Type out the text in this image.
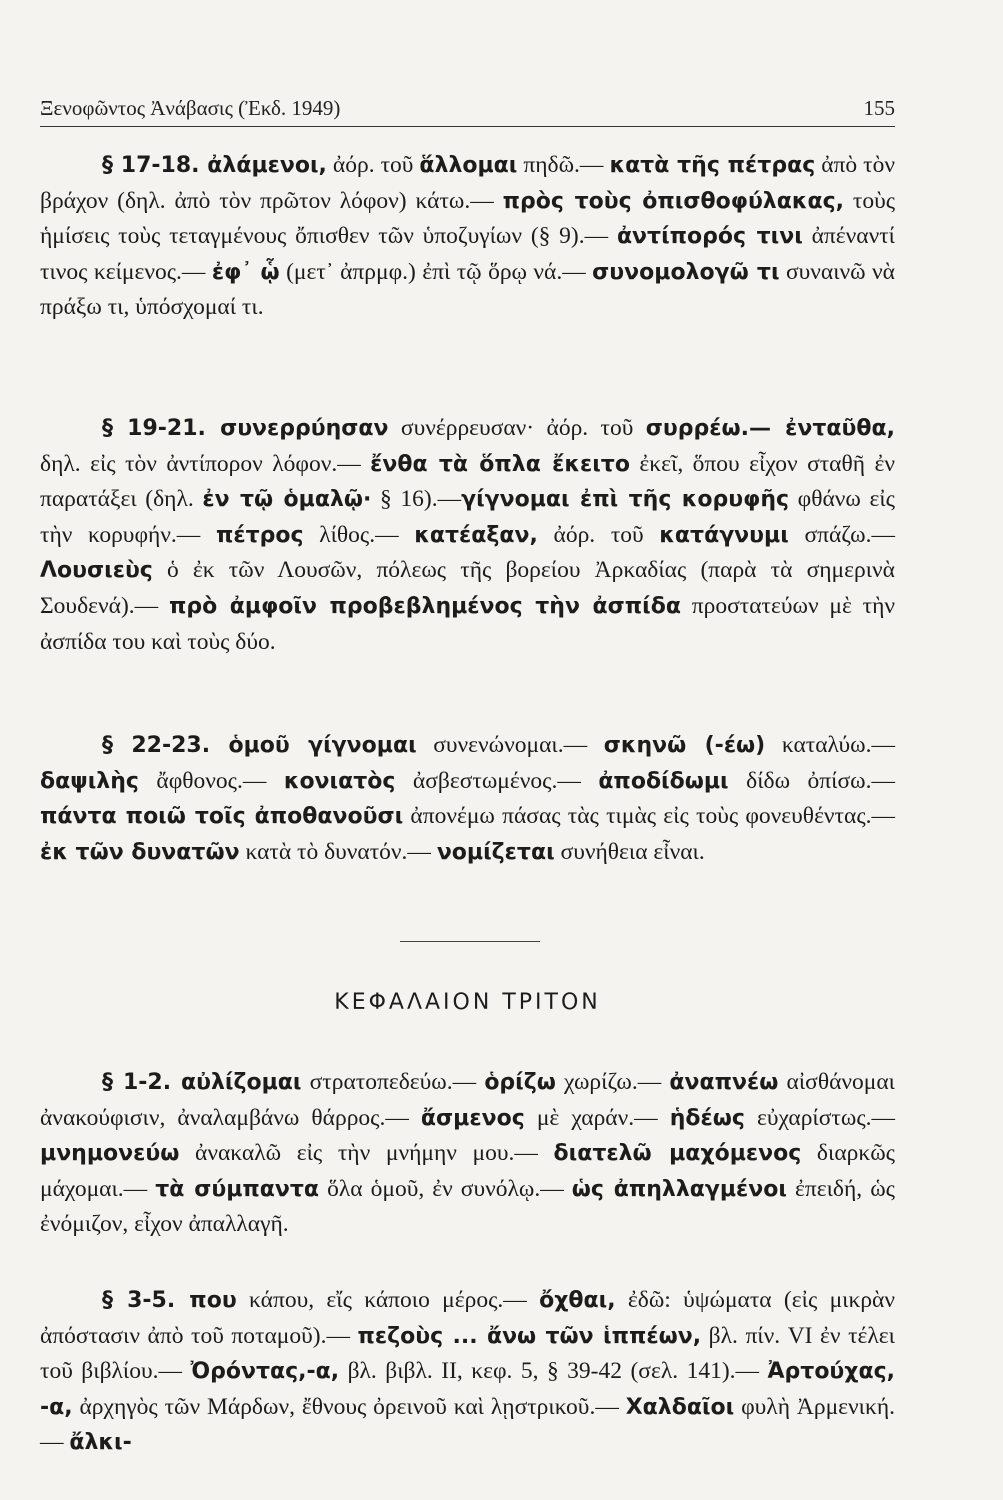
Ξενοφῶντος Ἀνάβασις (Ἐκδ. 1949)	155
§ 17-18. ἀλάμενοι, ἀόρ. τοῦ ἅλλομαι πηδῶ.— κατὰ τῆς πέτρας ἀπὸ τὸν βράχον (δηλ. ἀπὸ τὸν πρῶτον λόφον) κάτω.— πρὸς τοὺς ὀπισθοφύλακας, τοὺς ἡμίσεις τοὺς τεταγμένους ὄπισθεν τῶν ὑποζυγίων (§ 9).— ἀντίπορός τινι ἀπέναντί τινος κείμενος.— ἐφ᾿ ᾧ (μετ᾿ ἀπρμφ.) ἐπὶ τῷ ὅρῳ νά.— συνομολογῶ τι συναινῶ νὰ πράξω τι, ὑπόσχομαί τι.
§ 19-21. συνερρύησαν συνέρρευσαν· ἀόρ. τοῦ συρρέω.— ἐνταῦθα, δηλ. εἰς τὸν ἀντίπορον λόφον.— ἔνθα τὰ ὅπλα ἔκειτο ἐκεῖ, ὅπου εἶχον σταθῆ ἐν παρατάξει (δηλ. ἐν τῷ ὁμαλῷ· § 16).—γίγνομαι ἐπὶ τῆς κορυφῆς φθάνω εἰς τὴν κορυφήν.— πέτρος λίθος.— κατέαξαν, ἀόρ. τοῦ κατάγνυμι σπάζω.— Λουσιεὺς ὁ ἐκ τῶν Λουσῶν, πόλεως τῆς βορείου Ἀρκαδίας (παρὰ τὰ σημερινὰ Σουδενά).— πρὸ ἀμφοῖν προβεβλημένος τὴν ἀσπίδα προστατεύων μὲ τὴν ἀσπίδα του καὶ τοὺς δύο.
§ 22-23. ὁμοῦ γίγνομαι συνενώνομαι.— σκηνῶ (-έω) καταλύω.— δαψιλὴς ἄφθονος.— κονιατὸς ἀσβεστωμένος.— ἀποδίδωμι δίδω ὀπίσω.— πάντα ποιῶ τοῖς ἀποθανοῦσι ἀπονέμω πάσας τὰς τιμὰς εἰς τοὺς φονευθέντας.—ἐκ τῶν δυνατῶν κατὰ τὸ δυνατόν.— νομίζεται συνήθεια εἶναι.
ΚΕΦΑΛΑΙΟΝ ΤΡΙΤΟΝ
§ 1-2. αὐλίζομαι στρατοπεδεύω.— ὁρίζω χωρίζω.— ἀναπνέω αἰσθάνομαι ἀνακούφισιν, ἀναλαμβάνω θάρρος.— ἄσμενος μὲ χαράν.— ἡδέως εὐχαρίστως.— μνημονεύω ἀνακαλῶ εἰς τὴν μνήμην μου.— διατελῶ μαχόμενος διαρκῶς μάχομαι.— τὰ σύμπαντα ὅλα ὁμοῦ, ἐν συνόλῳ.— ὡς ἀπηλλαγμένοι ἐπειδή, ὡς ἐνόμιζον, εἶχον ἀπαλλαγῆ.
§ 3-5. που κάπου, εἴς κάποιο μέρος.— ὄχθαι, ἐδῶ: ὑψώματα (εἰς μικρὰν ἀπόστασιν ἀπὸ τοῦ ποταμοῦ).— πεζοὺς ... ἄνω τῶν ἱππέων, βλ. πίν. VI ἐν τέλει τοῦ βιβλίου.— Ὀρόντας,-α, βλ. βιβλ. II, κεφ. 5, § 39-42 (σελ. 141).— Ἀρτούχας, -α, ἀρχηγὸς τῶν Μάρδων, ἔθνους ὀρεινοῦ καὶ λῃστρικοῦ.— Χαλδαῖοι φυλὴ Ἀρμενική.— ἄλκι-
